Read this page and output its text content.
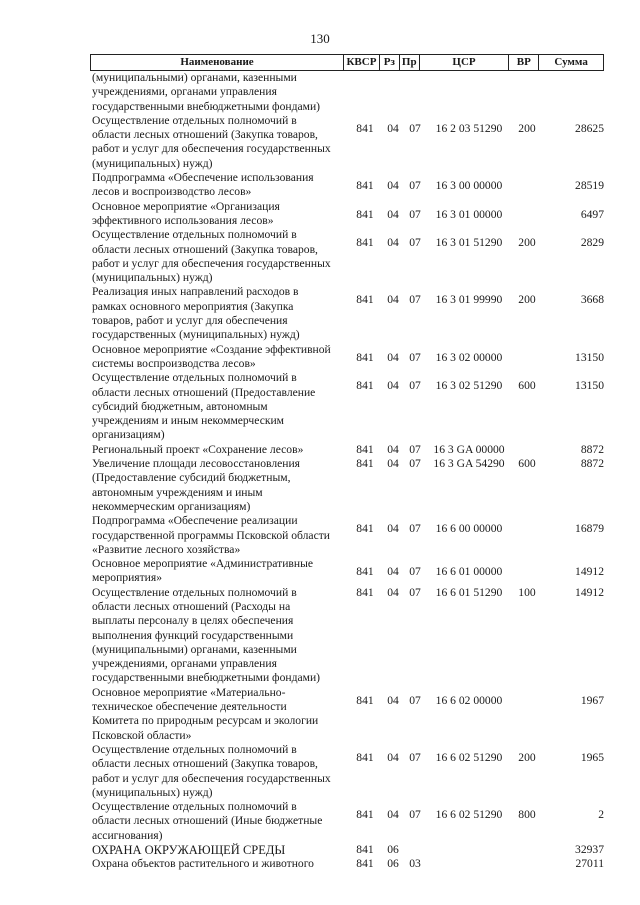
130
Наименование	КВСР Рз Пр	ЦСР	ВР	Сумма
(муниципальными) органами, казенными
учреждениями, органами управления
государственными внебюджетными фондами)
Осуществление отдельных полномочий в
области лесных отношений (Закупка товаров,
работ и услуг для обеспечения государственных
(муниципальных) нужд)
841	04 07	16 2 03 51290	200	28625
Подпрограмма «Обеспечение использования
лесов и воспроизводство лесов»	841	04 07	16 3 00 00000	28519
Основное мероприятие «Организация
эффективного использования лесов»	841	04 07	16 3 01 00000	6497
Осуществление отдельных полномочий в
области лесных отношений (Закупка товаров,
работ и услуг для обеспечения государственных
(муниципальных) нужд)
841	04 07	16 3 01 51290	200	2829
Реализация иных направлений расходов в
рамках основного мероприятия (Закупка
товаров, работ и услуг для обеспечения
государственных (муниципальных) нужд)
841	04 07	16 3 01 99990	200	3668
Основное мероприятие «Создание эффективной
системы воспроизводства лесов»	841	04 07	16 3 02 00000	13150
Осуществление отдельных полномочий в
области лесных отношений (Предоставление
субсидий бюджетным, автономным
учреждениям и иным некоммерческим
организациям)
841	04 07	16 3 02 51290	600	13150
Региональный проект «Сохранение лесов»	841	04 07	16 3 GA 00000	8872
Увеличение площади лесовосстановления
(Предоставление субсидий бюджетным,
автономным учреждениям и иным
некоммерческим организациям)
841	04 07	16 3 GA 54290	600	8872
Подпрограмма «Обеспечение реализации
государственной программы Псковской области
«Развитие лесного хозяйства»
841	04 07	16 6 00 00000	16879
Основное мероприятие «Административные
мероприятия»	841	04 07	16 6 01 00000	14912
Осуществление отдельных полномочий в
области лесных отношений (Расходы на
выплаты персоналу в целях обеспечения
выполнения функций государственными
(муниципальными) органами, казенными
учреждениями, органами управления
государственными внебюджетными фондами)
841	04 07	16 6 01 51290	100	14912
Основное мероприятие «Материально-
техническое обеспечение деятельности
Комитета по природным ресурсам и экологии
Псковской области»
841	04 07	16 6 02 00000	1967
Осуществление отдельных полномочий в
области лесных отношений (Закупка товаров,
работ и услуг для обеспечения государственных
(муниципальных) нужд)
841	04 07	16 6 02 51290	200	1965
Осуществление отдельных полномочий в
области лесных отношений (Иные бюджетные
ассигнования)
841	04 07	16 6 02 51290	800	2
ОХРАНА ОКРУЖАЮЩЕЙ СРЕДЫ	841	06	32937
Охрана объектов растительного и животного	841	06 03	27011
